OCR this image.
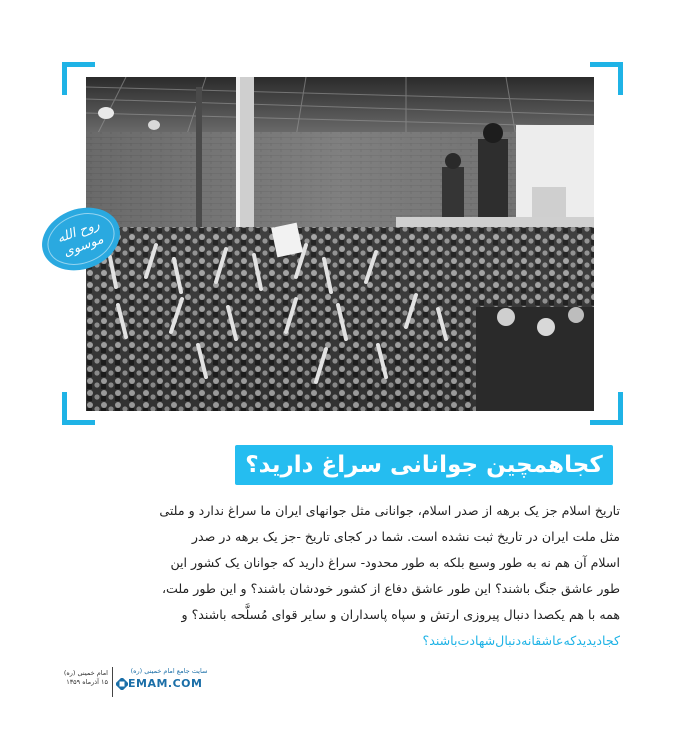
روح الله موسوی
کجاهمچین جوانانی سراغ دارید؟
تاریخ اسلام جز یک برهه از صدر اسلام، جوانانی مثل جوانهای ایران ما سراغ ندارد و ملتی
مثل ملت ایران در تاریخ ثبت نشده است. شما در کجای تاریخ -جز یک برهه در صدر
اسلام آن هم نه به طور وسیع بلکه به طور محدود- سراغ دارید که جوانان یک کشور این
طور عاشق جنگ باشند؟ این طور عاشق دفاع از کشور خودشان باشند؟ و این طور ملت،
همه با هم یکصدا دنبال پیروزی ارتش و سپاه پاسداران و سایر قوای مُسلَّحه باشند؟ و
کجادیدیدکه‌عاشقانه‌دنبال‌شهادت‌باشند؟
امام خمینی (ره)
۱۵ آذرماه ۱۳۵۹
سایت جامع امام خمینی (ره)
EMAM.COM
